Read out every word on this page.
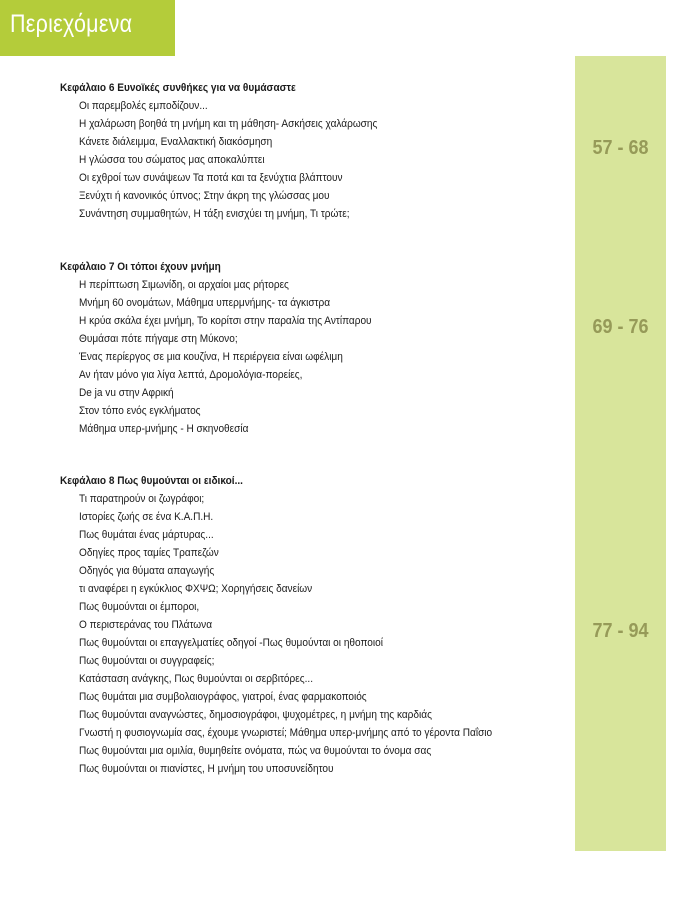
Περιεχόμενα
57 - 68
69 - 76
77 - 94
Κεφάλαιο 6 Ευνοϊκές συνθήκες για να θυμάσαστε
Οι παρεμβολές εμποδίζουν...
Η χαλάρωση βοηθά τη μνήμη και τη μάθηση- Ασκήσεις χαλάρωσης
Κάνετε διάλειμμα, Εναλλακτική διακόσμηση
Η γλώσσα του σώματος μας αποκαλύπτει
Οι εχθροί των συνάψεων Τα ποτά και τα ξενύχτια βλάπτουν
Ξενύχτι ή κανονικός ύπνος; Στην άκρη της γλώσσας μου
Συνάντηση συμμαθητών, Η τάξη ενισχύει τη μνήμη, Τι τρώτε;
Κεφάλαιο 7 Οι τόποι έχουν μνήμη
Η περίπτωση Σιμωνίδη, οι αρχαίοι μας ρήτορες
Μνήμη 60 ονομάτων, Μάθημα υπερμνήμης- τα άγκιστρα
Η κρύα σκάλα έχει μνήμη, Το κορίτσι στην παραλία της Αντίπαρου
Θυμάσαι πότε πήγαμε στη Μύκονο;
Ένας περίεργος σε μια κουζίνα, Η περιέργεια είναι ωφέλιμη
Αν ήταν μόνο για λίγα λεπτά, Δρομολόγια-πορείες,
De ja vu στην Αφρική
Στον τόπο ενός εγκλήματος
Μάθημα υπερ-μνήμης - Η σκηνοθεσία
Κεφάλαιο 8 Πως θυμούνται οι ειδικοί...
Τι παρατηρούν οι ζωγράφοι;
Ιστορίες ζωής σε ένα Κ.Α.Π.Η.
Πως θυμάται ένας μάρτυρας...
Οδηγίες προς ταμίες Τραπεζών
Οδηγός για θύματα απαγωγής
τι αναφέρει η εγκύκλιος ΦΧΨΩ; Χορηγήσεις δανείων
Πως θυμούνται οι έμποροι,
Ο περιστεράνας του Πλάτωνα
Πως θυμούνται οι επαγγελματίες οδηγοί -Πως θυμούνται οι ηθοποιοί
Πως θυμούνται οι συγγραφείς;
Κατάσταση ανάγκης, Πως θυμούνται οι σερβιτόρες...
Πως θυμάται μια συμβολαιογράφος, γιατροί, ένας φαρμακοποιός
Πως θυμούνται αναγνώστες, δημοσιογράφοι, ψυχομέτρες, η μνήμη της καρδιάς
Γνωστή η φυσιογνωμία σας, έχουμε γνωριστεί; Μάθημα υπερ-μνήμης από το γέροντα Παΐσιο
Πως θυμούνται μια ομιλία, θυμηθείτε ονόματα, πώς να θυμούνται το όνομα σας
Πως θυμούνται οι πιανίστες, Η μνήμη του υποσυνείδητου
